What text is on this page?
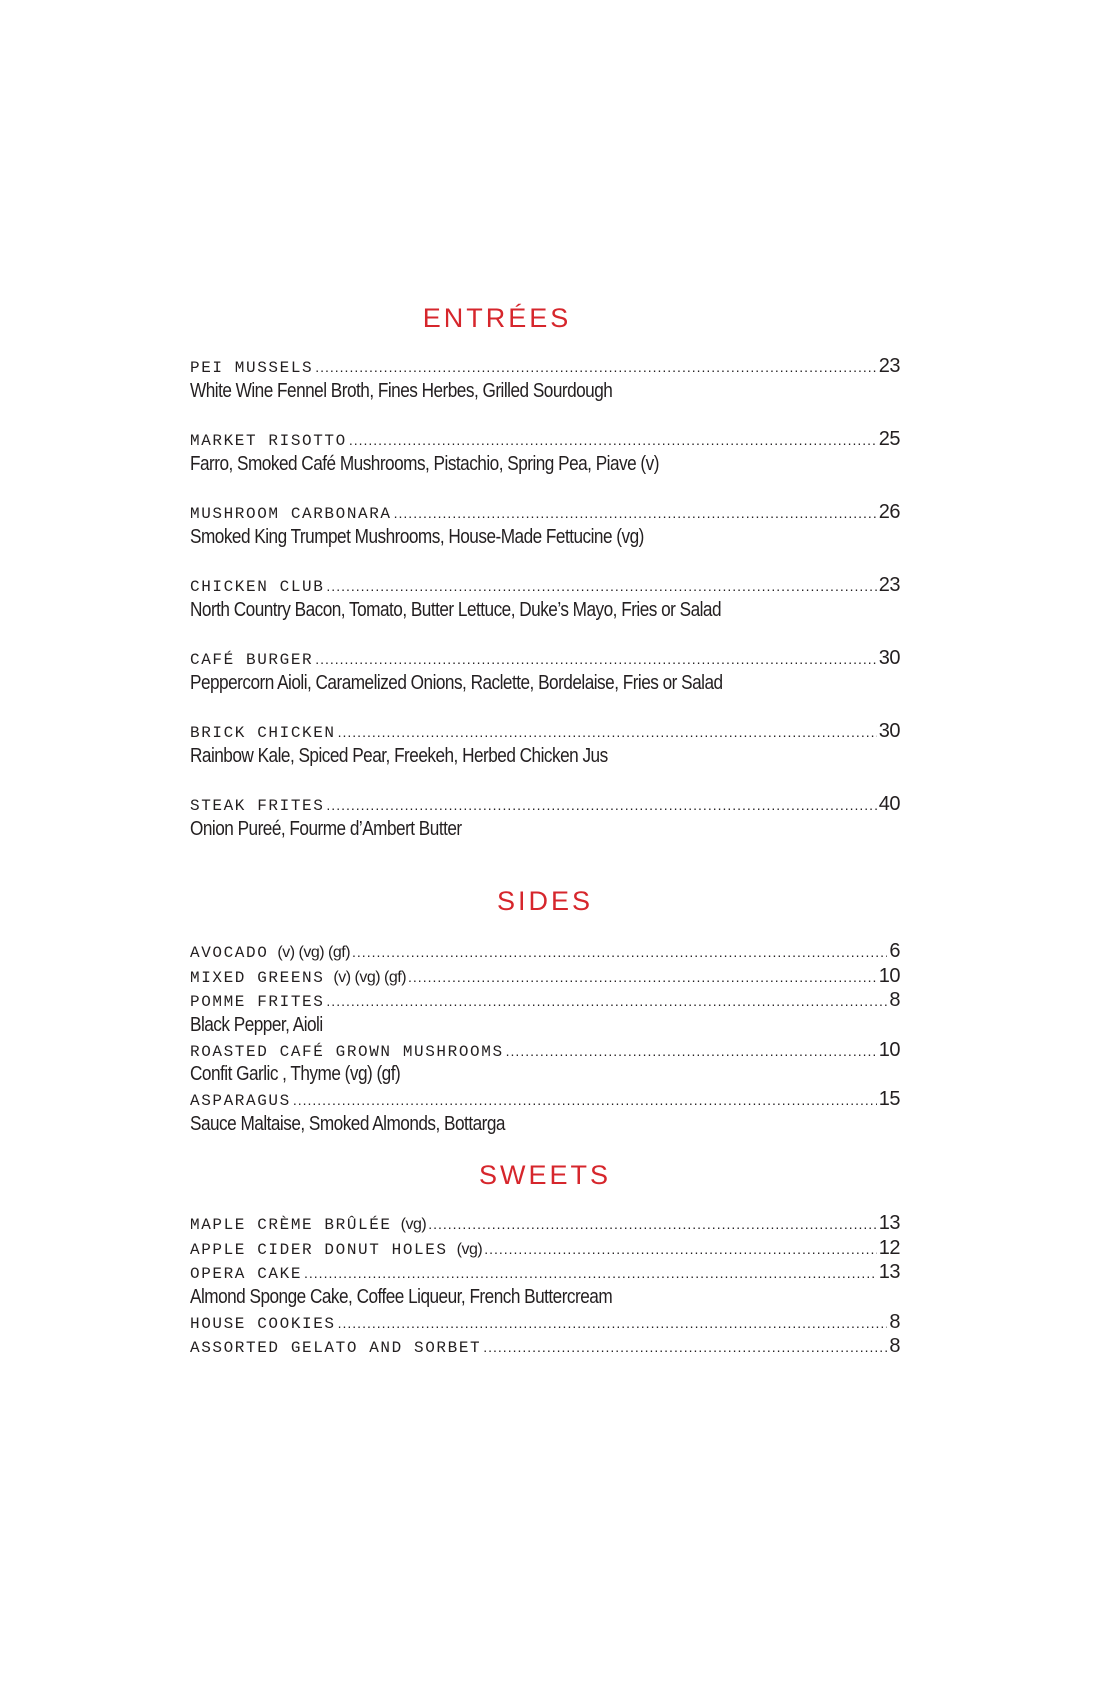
ENTRÉES
PEI MUSSELS .....	23
White Wine Fennel Broth, Fines Herbes, Grilled Sourdough
MARKET RISOTTO .....	25
Farro, Smoked Café Mushrooms, Pistachio, Spring Pea, Piave (v)
MUSHROOM CARBONARA .....	26
Smoked King Trumpet Mushrooms, House-Made Fettucine (vg)
CHICKEN CLUB .....	23
North Country Bacon, Tomato, Butter Lettuce, Duke’s Mayo, Fries or Salad
CAFÉ BURGER .....	30
Peppercorn Aioli, Caramelized Onions, Raclette, Bordelaise, Fries or Salad
BRICK CHICKEN .....	30
Rainbow Kale, Spiced Pear, Freekeh, Herbed Chicken Jus
STEAK FRITES .....	40
Onion Pureé, Fourme d’Ambert Butter
SIDES
AVOCADO (v) (vg) (gf) .....	6
MIXED GREENS (v) (vg) (gf) .....	10
POMME FRITES .....	8
Black Pepper, Aioli
ROASTED CAFÉ GROWN MUSHROOMS .....	10
Confit Garlic , Thyme (vg) (gf)
ASPARAGUS .....	15
Sauce Maltaise, Smoked Almonds, Bottarga
SWEETS
MAPLE CRÈME BRÛLÉE (vg) .....	13
APPLE CIDER DONUT HOLES (vg) .....	12
OPERA CAKE .....	13
Almond Sponge Cake, Coffee Liqueur, French Buttercream
HOUSE COOKIES .....	8
ASSORTED GELATO AND SORBET .....	8
